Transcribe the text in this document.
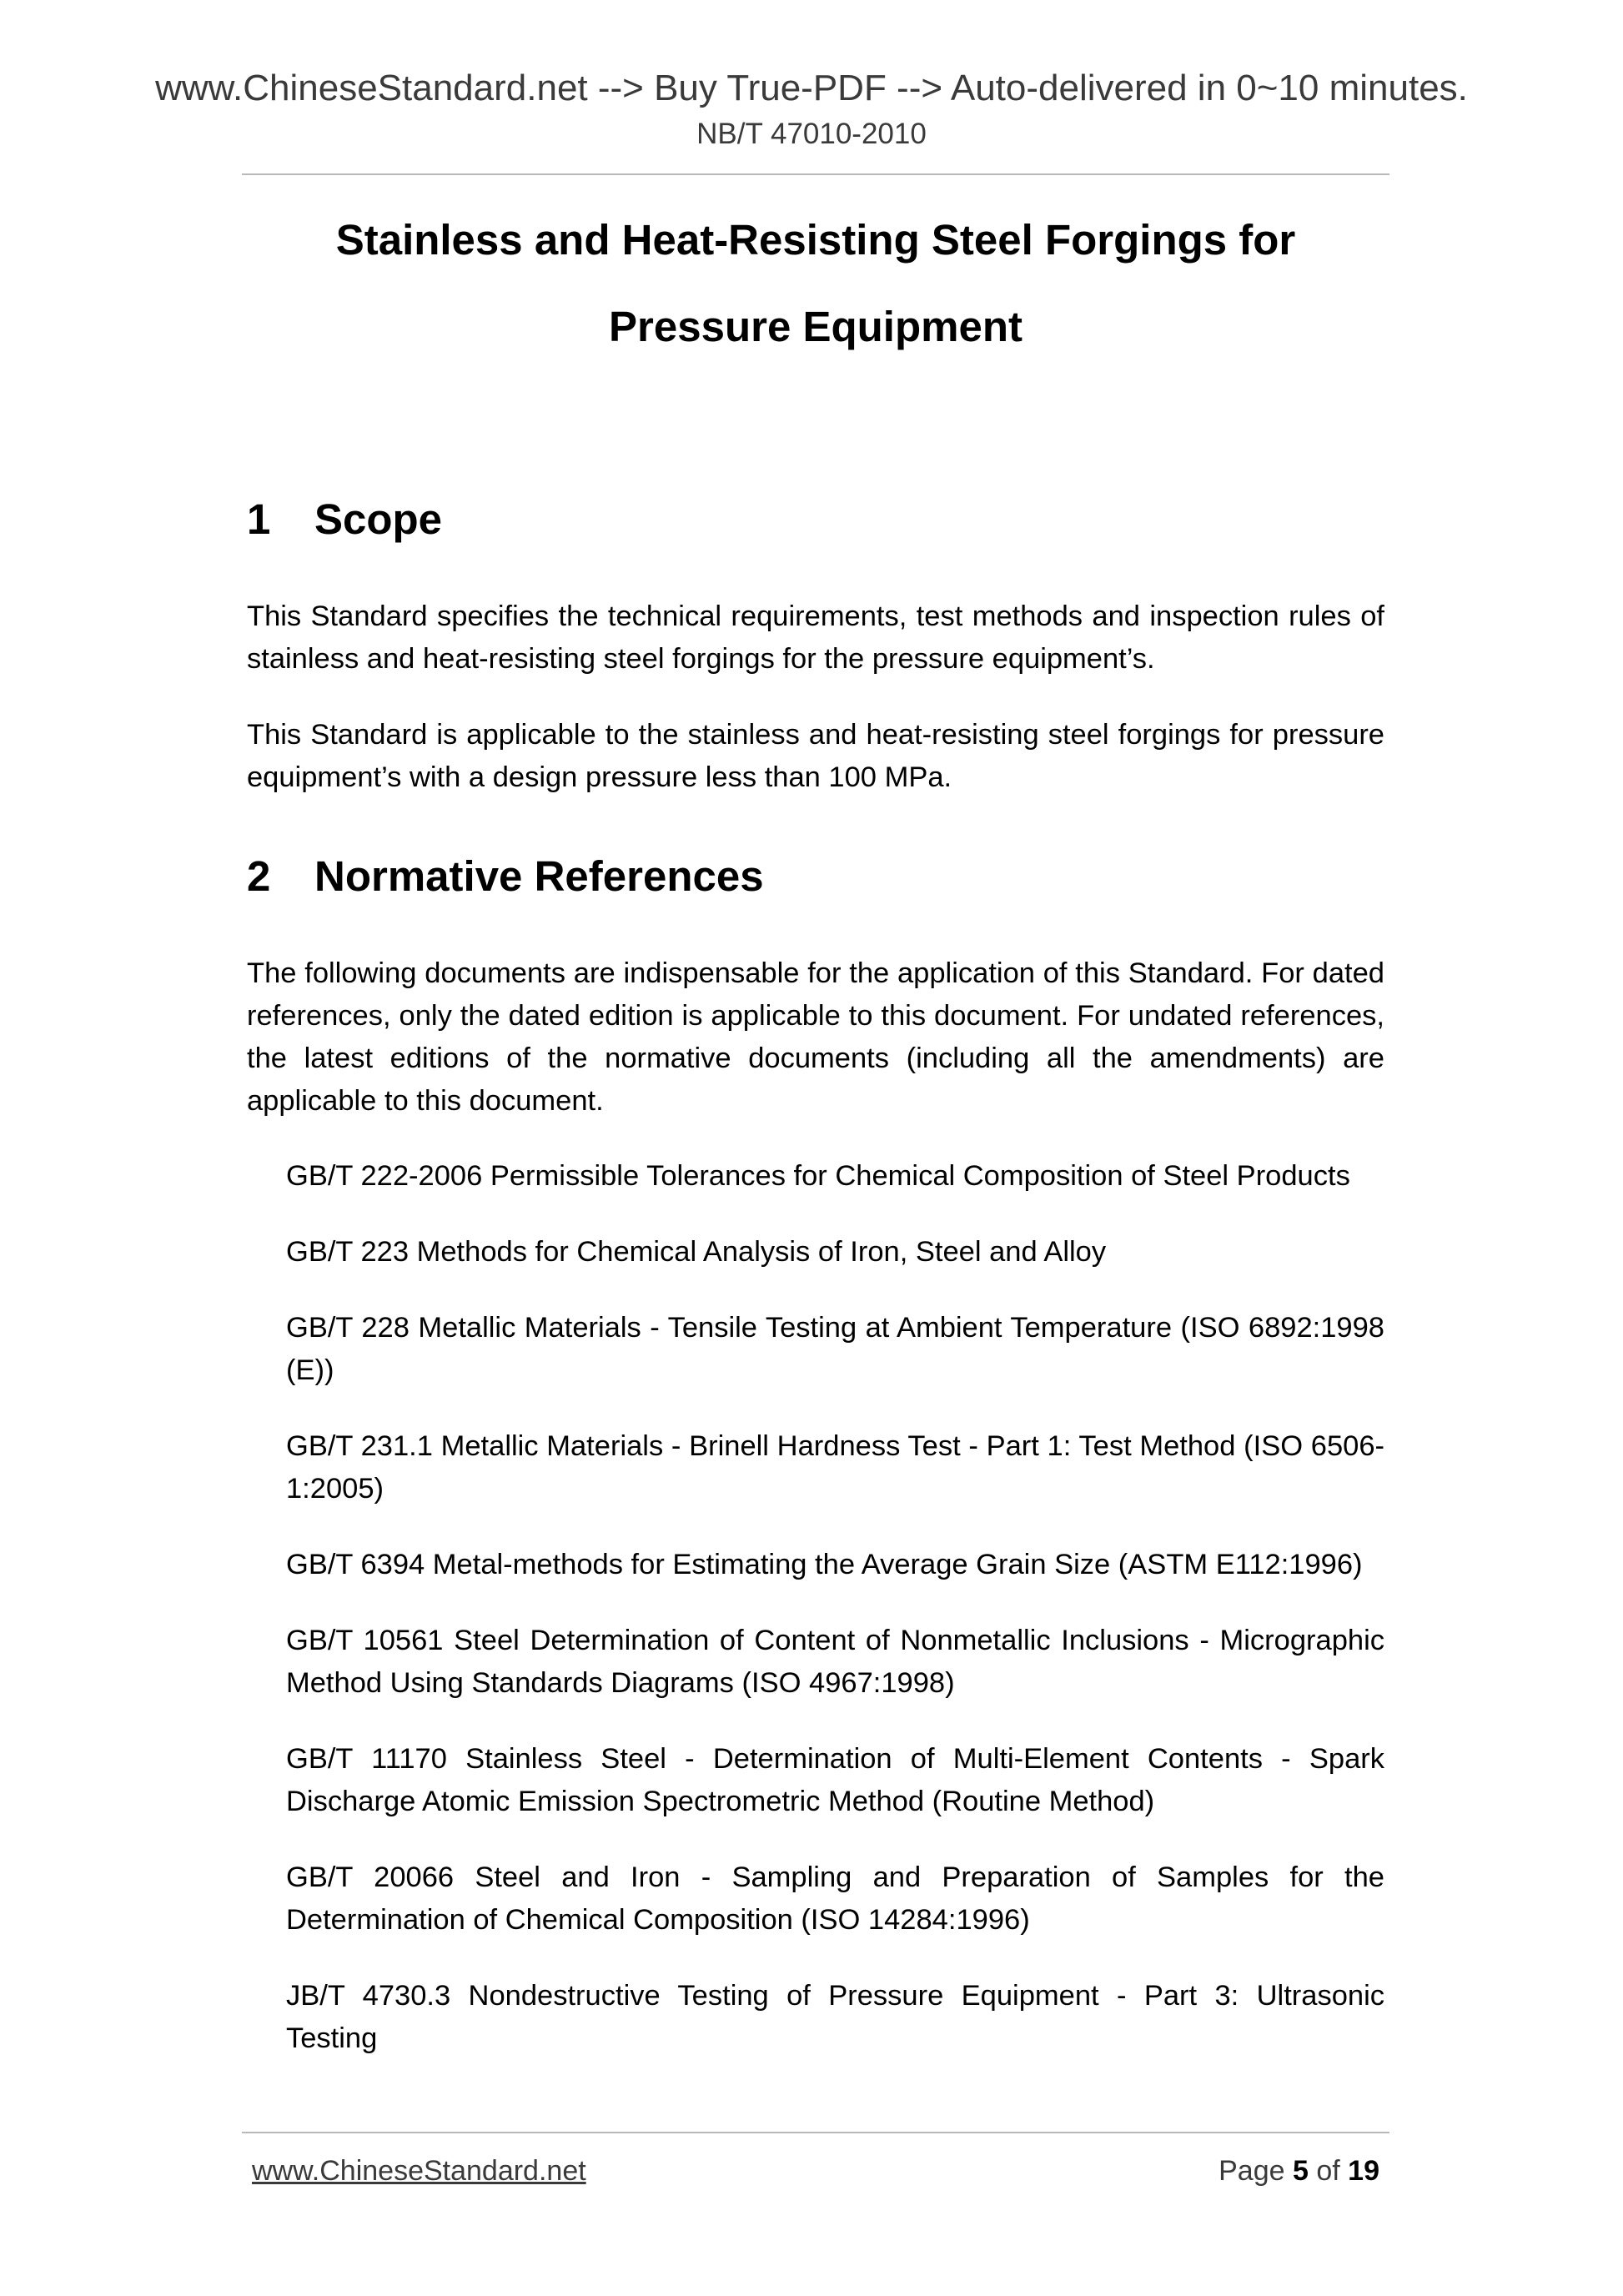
www.ChineseStandard.net --> Buy True-PDF --> Auto-delivered in 0~10 minutes.
NB/T 47010-2010
Stainless and Heat-Resisting Steel Forgings for
Pressure Equipment
1 Scope
This Standard specifies the technical requirements, test methods and inspection rules of stainless and heat-resisting steel forgings for the pressure equipment’s.
This Standard is applicable to the stainless and heat-resisting steel forgings for pressure equipment’s with a design pressure less than 100 MPa.
2 Normative References
The following documents are indispensable for the application of this Standard. For dated references, only the dated edition is applicable to this document. For undated references, the latest editions of the normative documents (including all the amendments) are applicable to this document.
GB/T 222-2006 Permissible Tolerances for Chemical Composition of Steel Products
GB/T 223 Methods for Chemical Analysis of Iron, Steel and Alloy
GB/T 228 Metallic Materials - Tensile Testing at Ambient Temperature (ISO 6892:1998 (E))
GB/T 231.1 Metallic Materials - Brinell Hardness Test - Part 1: Test Method (ISO 6506-1:2005)
GB/T 6394 Metal-methods for Estimating the Average Grain Size (ASTM E112:1996)
GB/T 10561 Steel Determination of Content of Nonmetallic Inclusions - Micrographic Method Using Standards Diagrams (ISO 4967:1998)
GB/T 11170 Stainless Steel - Determination of Multi-Element Contents - Spark Discharge Atomic Emission Spectrometric Method (Routine Method)
GB/T 20066 Steel and Iron - Sampling and Preparation of Samples for the Determination of Chemical Composition (ISO 14284:1996)
JB/T 4730.3 Nondestructive Testing of Pressure Equipment - Part 3: Ultrasonic Testing
www.ChineseStandard.net	Page 5 of 19
